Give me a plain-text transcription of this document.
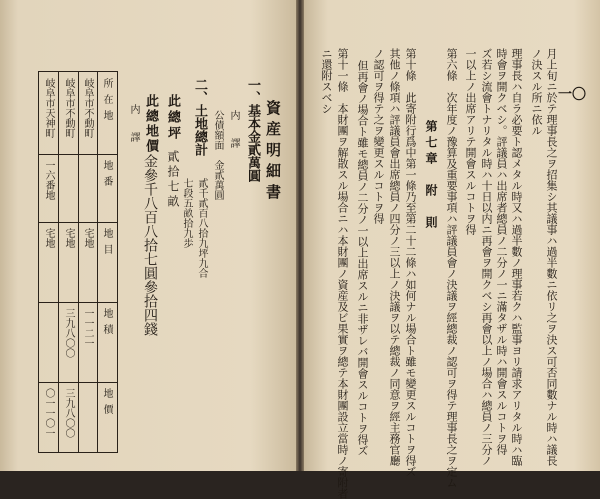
一〇
月上旬ニ於テ理事長之ヲ招集シ其議事ハ過半數ニ依リ之ヲ決ス可否同數ナル時ハ議長
ノ決スル所ニ依ル
理事長ハ自ラ必要ト認メタル時又ハ過半數ノ理事若クハ監事ヨリ請求アリタル時ハ臨
時會ヲ開クベシ。評議員ハ出席者總員ノ二分ノ一ニ滿タザル時ハ開會スルコトヲ得
ズ若シ流會トナリタル時ハ十日以内ニ再會ヲ開クベシ再會以上ノ場合ハ總員ノ三分ノ
一以上ノ出席アリテ開會スルコトヲ得
第六條　次年度ノ豫算及重要事項ハ評議員會ノ決議ヲ經總裁ノ認可ヲ得テ理事長之ヲ定ム
第七章　附　則
第十條　此寄附行爲中第一條乃至第二十二條ハ如何ナル場合ト雖モ變更スルコトヲ得ズ
其他ノ條項ハ評議員會出席總員ノ四分ノ三以上ノ決議ヲ以テ總裁ノ同意ヲ經主務官廳
ノ認可ヲ得テ之ヲ變更スルコトヲ得
但再會ノ場合ト雖モ總員ノ二分ノ一以上出席スルニ非ザレバ開會スルコトヲ得ズ
第十一條　本財團ヲ解散スル場合ニハ本財團ノ資産及ビ果實ヲ總テ本財團設立當時ノ寄附者
ニ還附スベシ
資産明細書
一、基本金貳萬圓
内　譯
公債額面　金貳萬圓
二、土地總計
貳千貳百八拾九坪九合
七段五畝拾九歩
此總坪
貳拾七畝
此總地價
内　譯
金參千八百八拾七圓參拾四錢
所在地
地番
地目
地積
地價
岐阜市不動町
宅地
一一二一
岐阜市不動町
宅地
三九八〇〇
三九八〇〇
岐阜市天神町
一六番地
宅地
〇一一〇一
